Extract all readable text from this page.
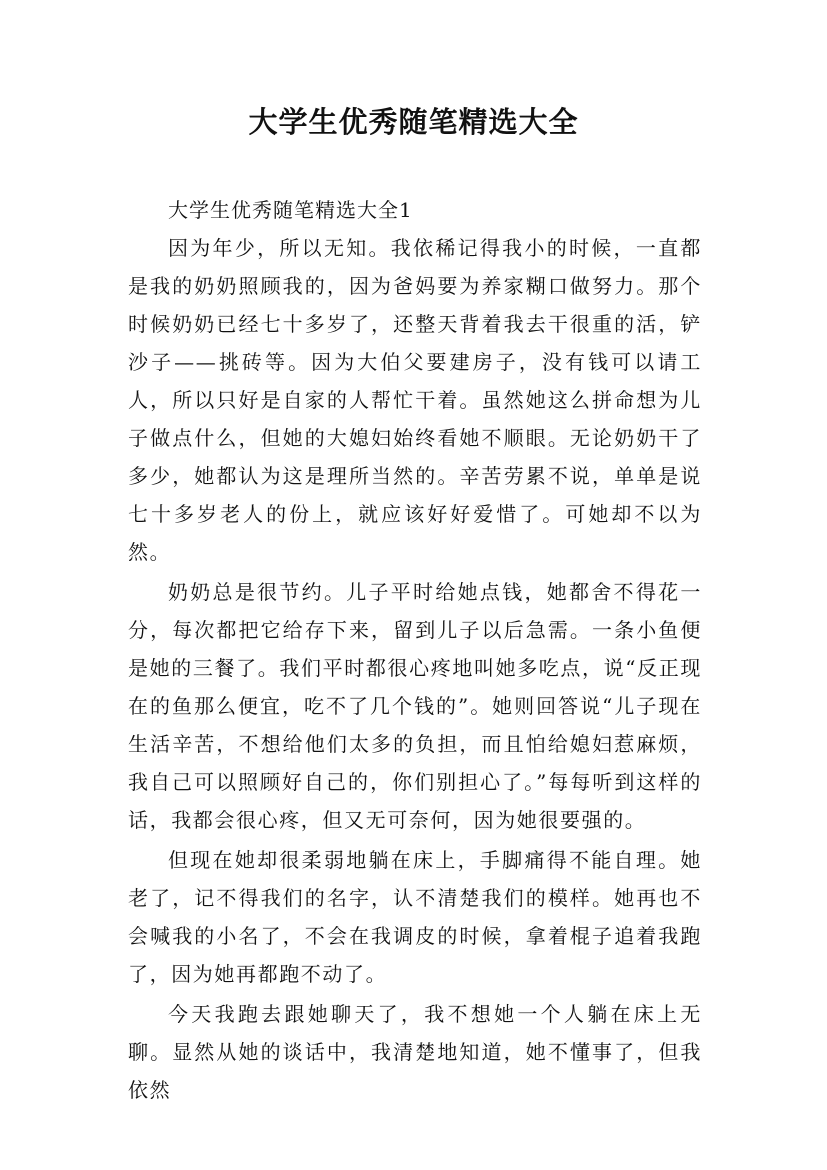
大学生优秀随笔精选大全

大学生优秀随笔精选大全1

因为年少，所以无知。我依稀记得我小的时候，一直都是我的奶奶照顾我的，因为爸妈要为养家糊口做努力。那个时候奶奶已经七十多岁了，还整天背着我去干很重的活，铲沙子——挑砖等。因为大伯父要建房子，没有钱可以请工人，所以只好是自家的人帮忙干着。虽然她这么拼命想为儿子做点什么，但她的大媳妇始终看她不顺眼。无论奶奶干了多少，她都认为这是理所当然的。辛苦劳累不说，单单是说七十多岁老人的份上，就应该好好爱惜了。可她却不以为然。

奶奶总是很节约。儿子平时给她点钱，她都舍不得花一分，每次都把它给存下来，留到儿子以后急需。一条小鱼便是她的三餐了。我们平时都很心疼地叫她多吃点，说“反正现在的鱼那么便宜，吃不了几个钱的”。她则回答说“儿子现在生活辛苦，不想给他们太多的负担，而且怕给媳妇惹麻烦，我自己可以照顾好自己的，你们别担心了。”每每听到这样的话，我都会很心疼，但又无可奈何，因为她很要强的。

但现在她却很柔弱地躺在床上，手脚痛得不能自理。她老了，记不得我们的名字，认不清楚我们的模样。她再也不会喊我的小名了，不会在我调皮的时候，拿着棍子追着我跑了，因为她再都跑不动了。

今天我跑去跟她聊天了，我不想她一个人躺在床上无聊。显然从她的谈话中，我清楚地知道，她不懂事了，但我依然
